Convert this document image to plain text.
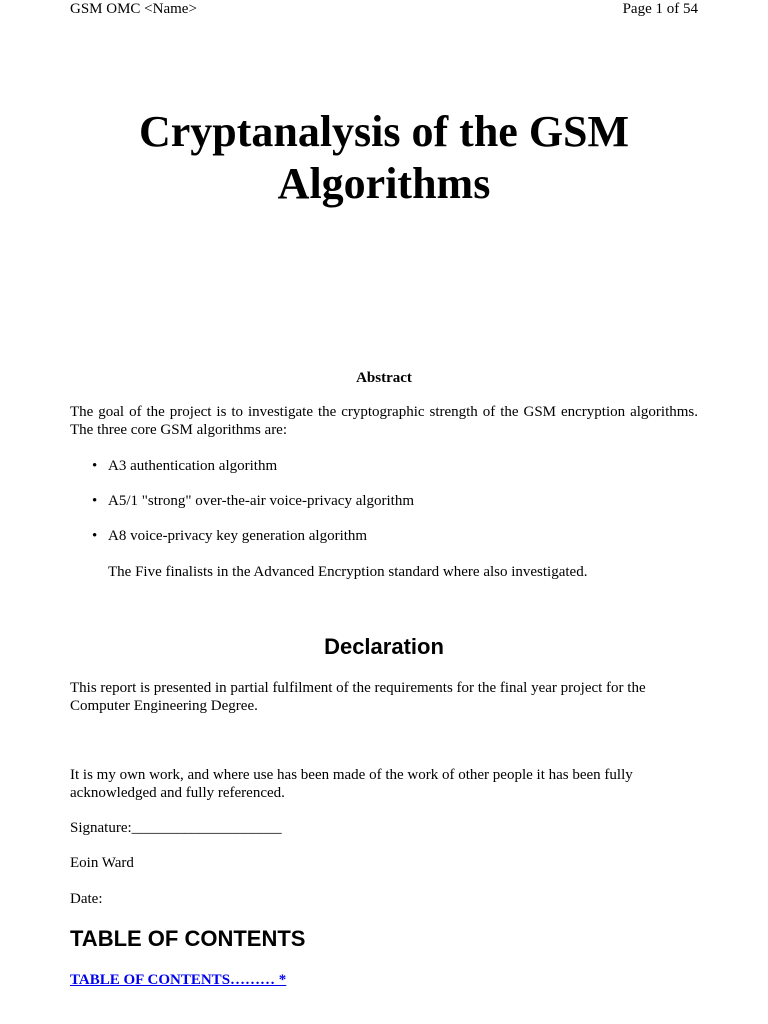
GSM OMC <Name>	Page 1 of 54
Cryptanalysis of the GSM
Algorithms
Abstract

The goal of the project is to investigate the cryptographic strength of the GSM encryption algorithms. The three core GSM algorithms are:

• A3 authentication algorithm
• A5/1 "strong" over-the-air voice-privacy algorithm
• A8 voice-privacy key generation algorithm

The Five finalists in the Advanced Encryption standard where also investigated.

Declaration

This report is presented in partial fulfilment of the requirements for the final year project for the Computer Engineering Degree.

It is my own work, and where use has been made of the work of other people it has been fully acknowledged and fully referenced.

Signature:____________________

Eoin Ward

Date:

TABLE OF CONTENTS
TABLE OF CONTENTS……… *
